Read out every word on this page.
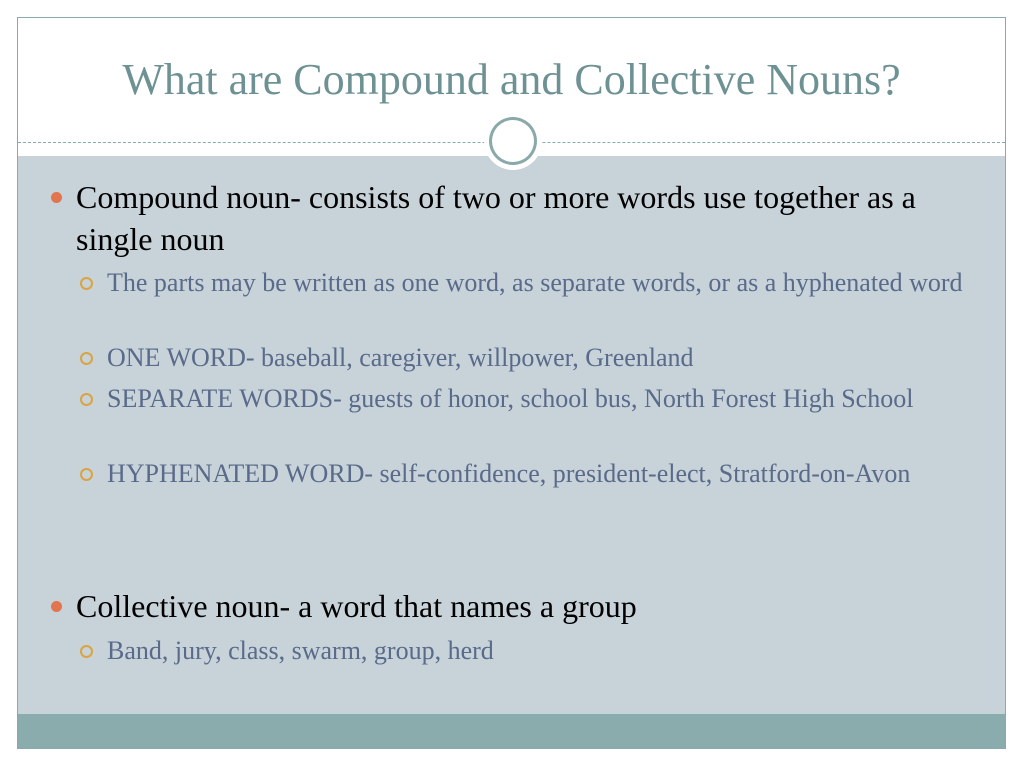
What are Compound and Collective Nouns?
Compound noun- consists of two or more words use together as a single noun
The parts may be written as one word, as separate words, or as a hyphenated word
ONE WORD- baseball, caregiver, willpower, Greenland
SEPARATE WORDS- guests of honor, school bus, North Forest High School
HYPHENATED WORD- self-confidence, president-elect, Stratford-on-Avon
Collective noun- a word that names a group
Band, jury, class, swarm, group, herd
